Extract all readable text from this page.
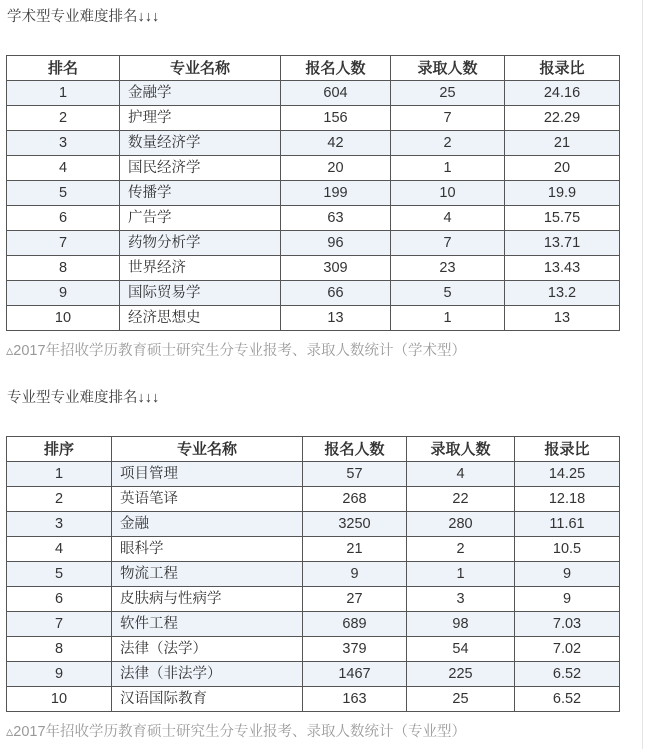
学术型专业难度排名↓↓↓
排名	专业名称	报名人数	录取人数	报录比
1	金融学	604	25	24.16
2	护理学	156	7	22.29
3	数量经济学	42	2	21
4	国民经济学	20	1	20
5	传播学	199	10	19.9
6	广告学	63	4	15.75
7	药物分析学	96	7	13.71
8	世界经济	309	23	13.43
9	国际贸易学	66	5	13.2
10	经济思想史	13	1	13
▵2017年招收学历教育硕士研究生分专业报考、录取人数统计（学术型）
专业型专业难度排名↓↓↓
排序	专业名称	报名人数	录取人数	报录比
1	项目管理	57	4	14.25
2	英语笔译	268	22	12.18
3	金融	3250	280	11.61
4	眼科学	21	2	10.5
5	物流工程	9	1	9
6	皮肤病与性病学	27	3	9
7	软件工程	689	98	7.03
8	法律（法学）	379	54	7.02
9	法律（非法学）	1467	225	6.52
10	汉语国际教育	163	25	6.52
▵2017年招收学历教育硕士研究生分专业报考、录取人数统计（专业型）
